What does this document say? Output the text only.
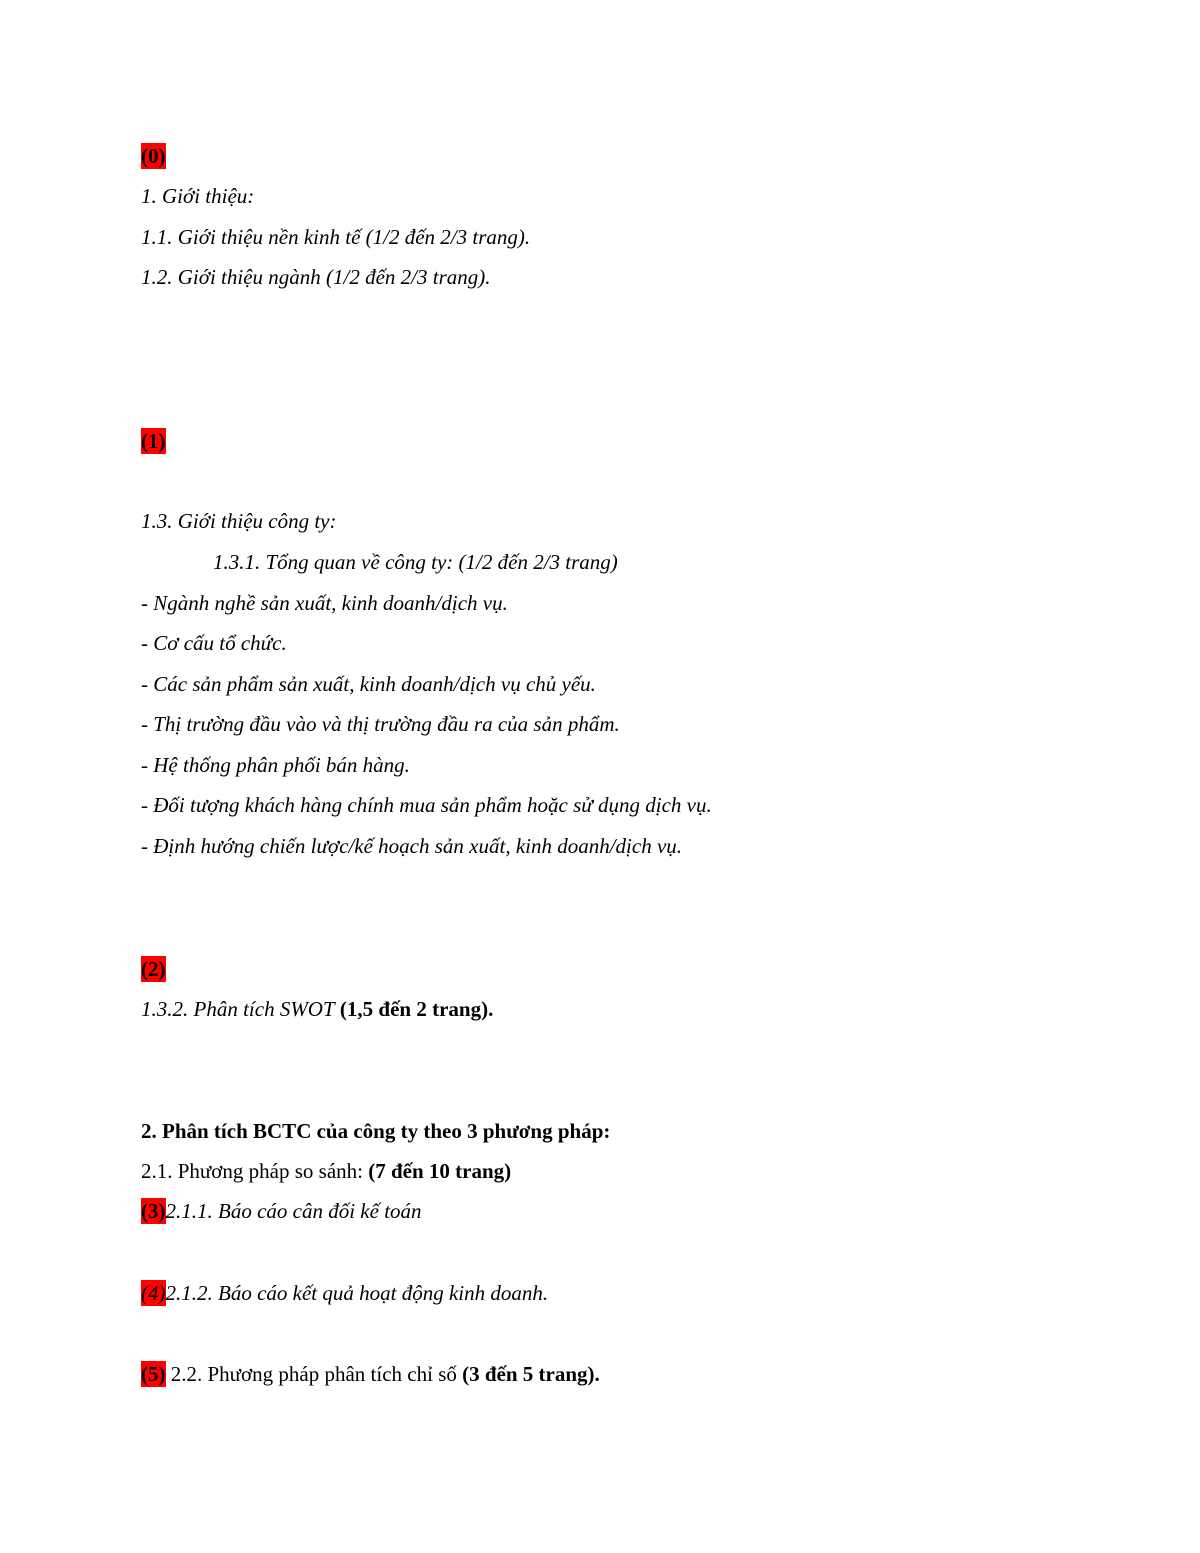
(0)
1. Giới thiệu:
1.1. Giới thiệu nền kinh tế (1/2 đến 2/3 trang).
1.2. Giới thiệu ngành (1/2 đến 2/3 trang).
(1)
1.3. Giới thiệu công ty:
1.3.1. Tổng quan về công ty: (1/2 đến 2/3 trang)
- Ngành nghề sản xuất, kinh doanh/dịch vụ.
- Cơ cấu tổ chức.
- Các sản phẩm sản xuất, kinh doanh/dịch vụ chủ yếu.
- Thị trường đầu vào và thị trường đầu ra của sản phẩm.
- Hệ thống phân phối bán hàng.
- Đối tượng khách hàng chính mua sản phẩm hoặc sử dụng dịch vụ.
- Định hướng chiến lược/kế hoạch sản xuất, kinh doanh/dịch vụ.
(2)
1.3.2. Phân tích SWOT (1,5 đến 2 trang).
2. Phân tích BCTC của công ty theo 3 phương pháp:
2.1. Phương pháp so sánh: (7 đến 10 trang)
(3)2.1.1. Báo cáo cân đối kế toán
(4)2.1.2. Báo cáo kết quả hoạt động kinh doanh.
(5) 2.2. Phương pháp phân tích chỉ số (3 đến 5 trang).
